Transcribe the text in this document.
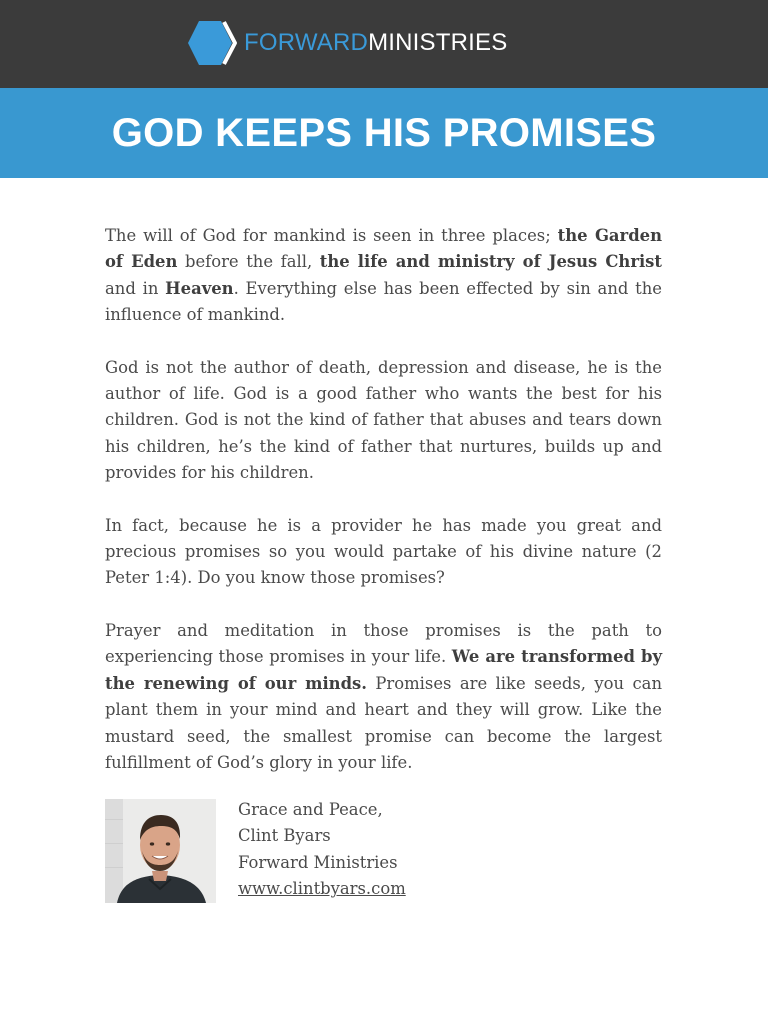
FORWARDMINISTRIES
GOD KEEPS HIS PROMISES

The will of God for mankind is seen in three places; the Garden of Eden before the fall, the life and ministry of Jesus Christ and in Heaven. Everything else has been effected by sin and the influence of mankind.

God is not the author of death, depression and disease, he is the author of life. God is a good father who wants the best for his children. God is not the kind of father that abuses and tears down his children, he’s the kind of father that nurtures, builds up and provides for his children.

In fact, because he is a provider he has made you great and precious promises so you would partake of his divine nature (2 Peter 1:4). Do you know those promises?

Prayer and meditation in those promises is the path to experiencing those promises in your life. We are transformed by the renewing of our minds. Promises are like seeds, you can plant them in your mind and heart and they will grow. Like the mustard seed, the smallest promise can become the largest fulfillment of God’s glory in your life.

Grace and Peace,
Clint Byars
Forward Ministries
www.clintbyars.com
